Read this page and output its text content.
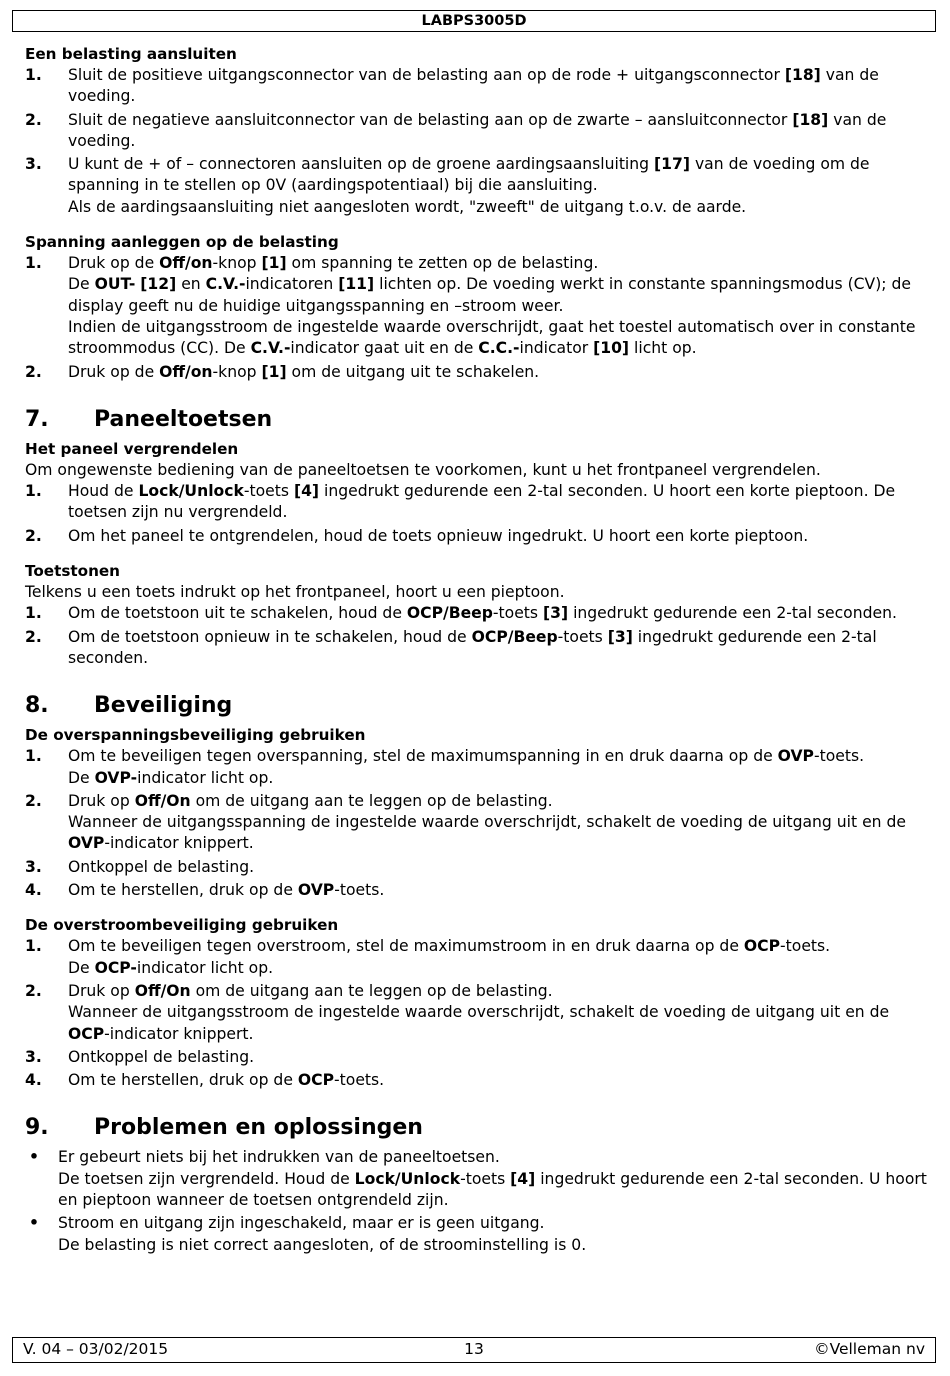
LABPS3005D
Een belasting aansluiten
1. Sluit de positieve uitgangsconnector van de belasting aan op de rode + uitgangsconnector [18] van de voeding.
2. Sluit de negatieve aansluitconnector van de belasting aan op de zwarte – aansluitconnector [18] van de voeding.
3. U kunt de + of – connectoren aansluiten op de groene aardingsaansluiting [17] van de voeding om de spanning in te stellen op 0V (aardingspotentiaal) bij die aansluiting.
Als de aardingsaansluiting niet aangesloten wordt, "zweeft" de uitgang t.o.v. de aarde.
Spanning aanleggen op de belasting
1. Druk op de Off/on-knop [1] om spanning te zetten op de belasting.
De OUT- [12] en C.V.-indicatoren [11] lichten op. De voeding werkt in constante spanningsmodus (CV); de display geeft nu de huidige uitgangsspanning en –stroom weer.
Indien de uitgangsstroom de ingestelde waarde overschrijdt, gaat het toestel automatisch over in constante stroommodus (CC). De C.V.-indicator gaat uit en de C.C.-indicator [10] licht op.
2. Druk op de Off/on-knop [1] om de uitgang uit te schakelen.
7. Paneeltoetsen
Het paneel vergrendelen
Om ongewenste bediening van de paneeltoetsen te voorkomen, kunt u het frontpaneel vergrendelen.
1. Houd de Lock/Unlock-toets [4] ingedrukt gedurende een 2-tal seconden. U hoort een korte pieptoon. De toetsen zijn nu vergrendeld.
2. Om het paneel te ontgrendelen, houd de toets opnieuw ingedrukt. U hoort een korte pieptoon.
Toetstonen
Telkens u een toets indrukt op het frontpaneel, hoort u een pieptoon.
1. Om de toetstoon uit te schakelen, houd de OCP/Beep-toets [3] ingedrukt gedurende een 2-tal seconden.
2. Om de toetstoon opnieuw in te schakelen, houd de OCP/Beep-toets [3] ingedrukt gedurende een 2-tal seconden.
8. Beveiliging
De overspanningsbeveiliging gebruiken
1. Om te beveiligen tegen overspanning, stel de maximumspanning in en druk daarna op de OVP-toets.
De OVP-indicator licht op.
2. Druk op Off/On om de uitgang aan te leggen op de belasting.
Wanneer de uitgangsspanning de ingestelde waarde overschrijdt, schakelt de voeding de uitgang uit en de OVP-indicator knippert.
3. Ontkoppel de belasting.
4. Om te herstellen, druk op de OVP-toets.
De overstroombeveiliging gebruiken
1. Om te beveiligen tegen overstroom, stel de maximumstroom in en druk daarna op de OCP-toets.
De OCP-indicator licht op.
2. Druk op Off/On om de uitgang aan te leggen op de belasting.
Wanneer de uitgangsstroom de ingestelde waarde overschrijdt, schakelt de voeding de uitgang uit en de OCP-indicator knippert.
3. Ontkoppel de belasting.
4. Om te herstellen, druk op de OCP-toets.
9. Problemen en oplossingen
• Er gebeurt niets bij het indrukken van de paneeltoetsen.
De toetsen zijn vergrendeld. Houd de Lock/Unlock-toets [4] ingedrukt gedurende een 2-tal seconden. U hoort en pieptoon wanneer de toetsen ontgrendeld zijn.
• Stroom en uitgang zijn ingeschakeld, maar er is geen uitgang.
De belasting is niet correct aangesloten, of de stroominstelling is 0.
V. 04 – 03/02/2015	13	©Velleman nv
